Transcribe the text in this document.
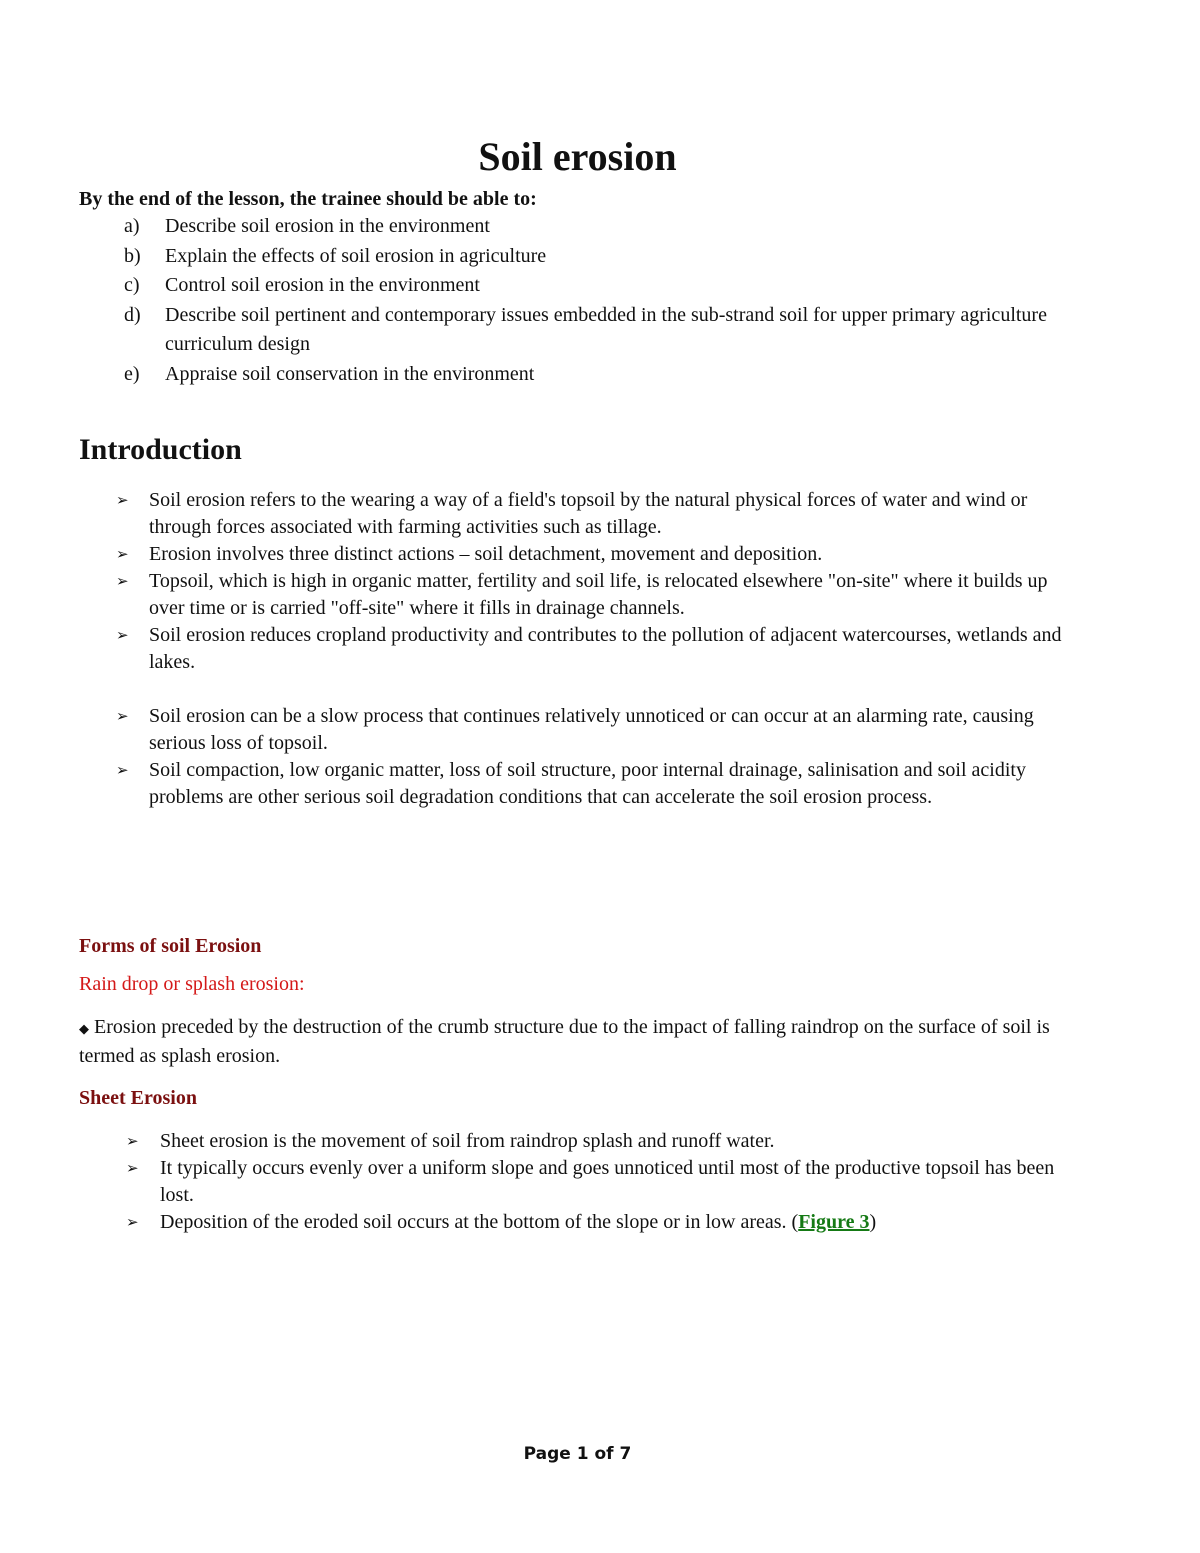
Soil erosion
By the end of the lesson, the trainee should be able to:
a)	Describe soil erosion in the environment
b)	Explain the effects of soil erosion in agriculture
c)	Control soil erosion in the environment
d)	Describe soil pertinent and contemporary issues embedded in the sub-strand soil for upper primary agriculture curriculum design
e)	Appraise soil conservation in the environment
Introduction
➢	Soil erosion refers to the wearing a way of a field's topsoil by the natural physical forces of water and wind or through forces associated with farming activities such as tillage.
➢	Erosion involves three distinct actions – soil detachment, movement and deposition.
➢	Topsoil, which is high in organic matter, fertility and soil life, is relocated elsewhere "on-site" where it builds up over time or is carried "off-site" where it fills in drainage channels.
➢	Soil erosion reduces cropland productivity and contributes to the pollution of adjacent watercourses, wetlands and lakes.
➢	Soil erosion can be a slow process that continues relatively unnoticed or can occur at an alarming rate, causing serious loss of topsoil.
➢	Soil compaction, low organic matter, loss of soil structure, poor internal drainage, salinisation and soil acidity problems are other serious soil degradation conditions that can accelerate the soil erosion process.
Forms of soil Erosion
Rain drop or splash erosion:
◆ Erosion preceded by the destruction of the crumb structure due to the impact of falling raindrop on the surface of soil is termed as splash erosion.
Sheet Erosion
➢	Sheet erosion is the movement of soil from raindrop splash and runoff water.
➢	It typically occurs evenly over a uniform slope and goes unnoticed until most of the productive topsoil has been lost.
➢	Deposition of the eroded soil occurs at the bottom of the slope or in low areas. (Figure 3)
Page 1 of 7
